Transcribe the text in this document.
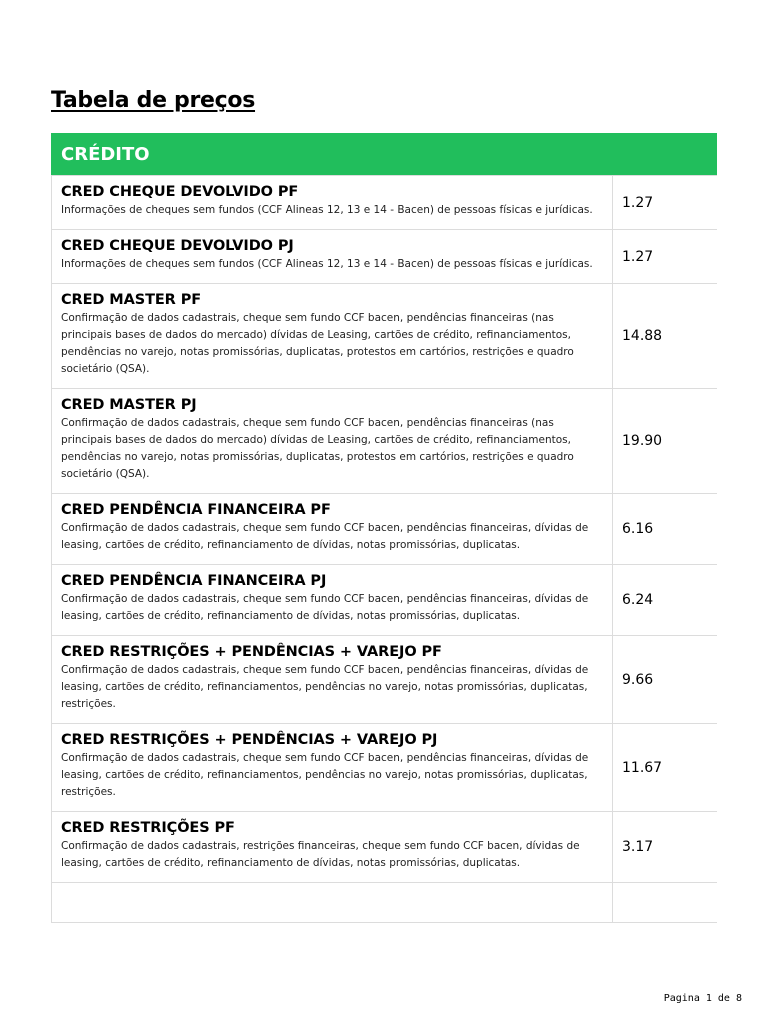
Tabela de preços
CRÉDITO
CRED CHEQUE DEVOLVIDO PF
Informações de cheques sem fundos (CCF Alineas 12, 13 e 14 - Bacen) de pessoas físicas e jurídicas.	1.27

CRED CHEQUE DEVOLVIDO PJ
Informações de cheques sem fundos (CCF Alineas 12, 13 e 14 - Bacen) de pessoas físicas e jurídicas.	1.27

CRED MASTER PF
Confirmação de dados cadastrais, cheque sem fundo CCF bacen, pendências financeiras (nas principais bases de dados do mercado) dívidas de Leasing, cartões de crédito, refinanciamentos, pendências no varejo, notas promissórias, duplicatas, protestos em cartórios, restrições e quadro societário (QSA).	14.88

CRED MASTER PJ
Confirmação de dados cadastrais, cheque sem fundo CCF bacen, pendências financeiras (nas principais bases de dados do mercado) dívidas de Leasing, cartões de crédito, refinanciamentos, pendências no varejo, notas promissórias, duplicatas, protestos em cartórios, restrições e quadro societário (QSA).	19.90

CRED PENDÊNCIA FINANCEIRA PF
Confirmação de dados cadastrais, cheque sem fundo CCF bacen, pendências financeiras, dívidas de leasing, cartões de crédito, refinanciamento de dívidas, notas promissórias, duplicatas.	6.16

CRED PENDÊNCIA FINANCEIRA PJ
Confirmação de dados cadastrais, cheque sem fundo CCF bacen, pendências financeiras, dívidas de leasing, cartões de crédito, refinanciamento de dívidas, notas promissórias, duplicatas.	6.24

CRED RESTRIÇÕES + PENDÊNCIAS + VAREJO PF
Confirmação de dados cadastrais, cheque sem fundo CCF bacen, pendências financeiras, dívidas de leasing, cartões de crédito, refinanciamentos, pendências no varejo, notas promissórias, duplicatas, restrições.	9.66

CRED RESTRIÇÕES + PENDÊNCIAS + VAREJO PJ
Confirmação de dados cadastrais, cheque sem fundo CCF bacen, pendências financeiras, dívidas de leasing, cartões de crédito, refinanciamentos, pendências no varejo, notas promissórias, duplicatas, restrições.	11.67

CRED RESTRIÇÕES PF
Confirmação de dados cadastrais, restrições financeiras, cheque sem fundo CCF bacen, dívidas de leasing, cartões de crédito, refinanciamento de dívidas, notas promissórias, duplicatas.	3.17

Pagina 1 de 8
